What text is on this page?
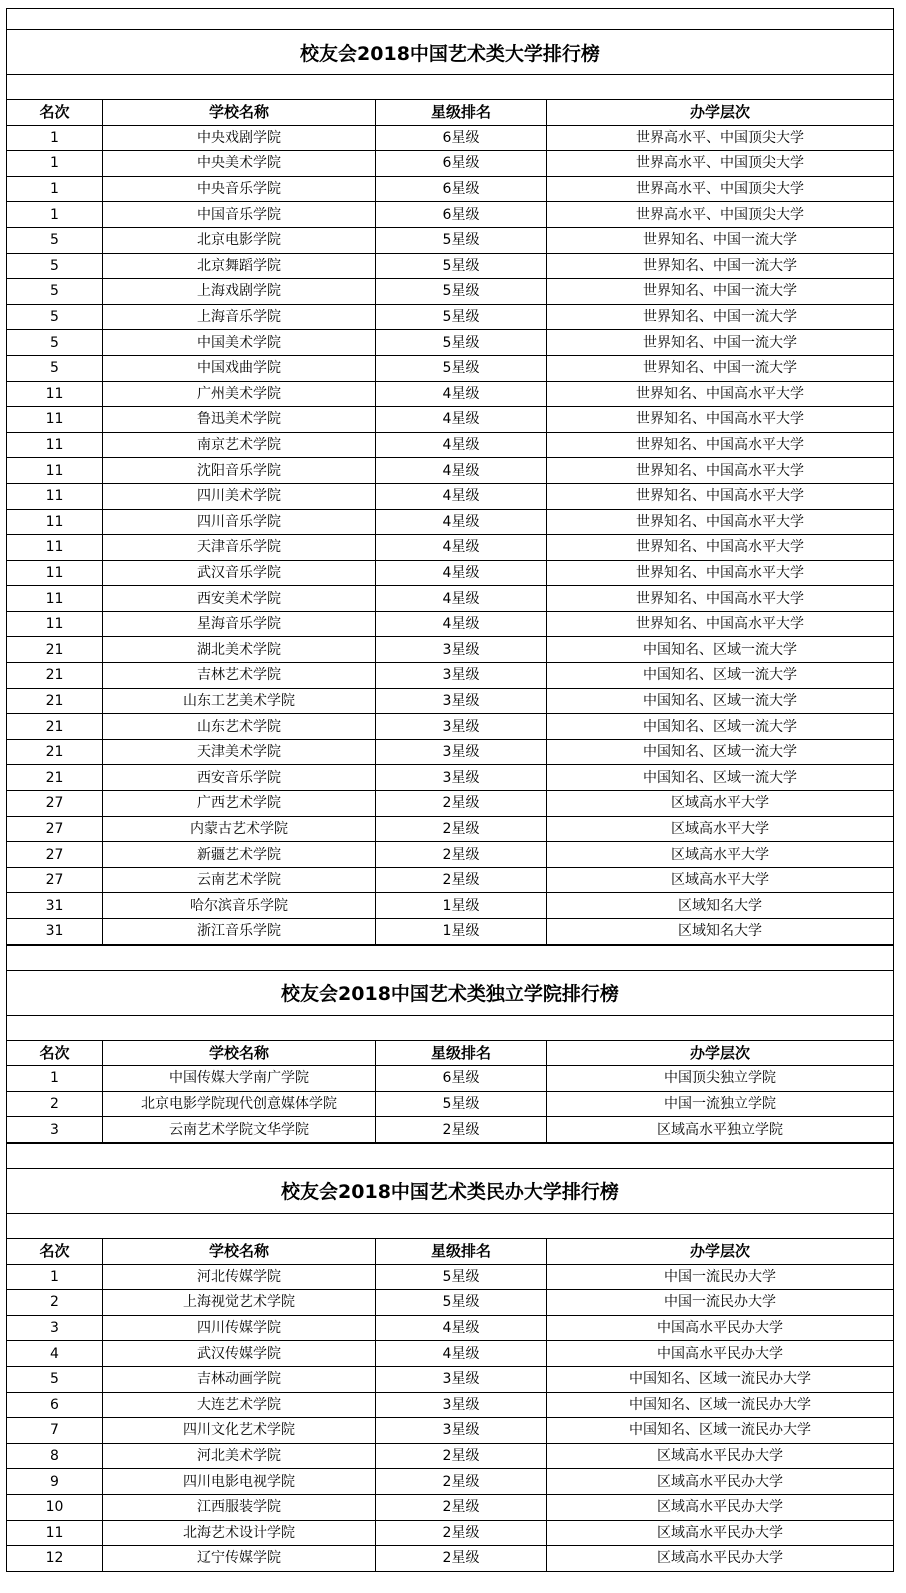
校友会2018中国艺术类大学排行榜
名次	学校名称	星级排名	办学层次
1	中央戏剧学院	6星级	世界高水平、中国顶尖大学
1	中央美术学院	6星级	世界高水平、中国顶尖大学
1	中央音乐学院	6星级	世界高水平、中国顶尖大学
1	中国音乐学院	6星级	世界高水平、中国顶尖大学
5	北京电影学院	5星级	世界知名、中国一流大学
5	北京舞蹈学院	5星级	世界知名、中国一流大学
5	上海戏剧学院	5星级	世界知名、中国一流大学
5	上海音乐学院	5星级	世界知名、中国一流大学
5	中国美术学院	5星级	世界知名、中国一流大学
5	中国戏曲学院	5星级	世界知名、中国一流大学
11	广州美术学院	4星级	世界知名、中国高水平大学
11	鲁迅美术学院	4星级	世界知名、中国高水平大学
11	南京艺术学院	4星级	世界知名、中国高水平大学
11	沈阳音乐学院	4星级	世界知名、中国高水平大学
11	四川美术学院	4星级	世界知名、中国高水平大学
11	四川音乐学院	4星级	世界知名、中国高水平大学
11	天津音乐学院	4星级	世界知名、中国高水平大学
11	武汉音乐学院	4星级	世界知名、中国高水平大学
11	西安美术学院	4星级	世界知名、中国高水平大学
11	星海音乐学院	4星级	世界知名、中国高水平大学
21	湖北美术学院	3星级	中国知名、区域一流大学
21	吉林艺术学院	3星级	中国知名、区域一流大学
21	山东工艺美术学院	3星级	中国知名、区域一流大学
21	山东艺术学院	3星级	中国知名、区域一流大学
21	天津美术学院	3星级	中国知名、区域一流大学
21	西安音乐学院	3星级	中国知名、区域一流大学
27	广西艺术学院	2星级	区域高水平大学
27	内蒙古艺术学院	2星级	区域高水平大学
27	新疆艺术学院	2星级	区域高水平大学
27	云南艺术学院	2星级	区域高水平大学
31	哈尔滨音乐学院	1星级	区域知名大学
31	浙江音乐学院	1星级	区域知名大学
校友会2018中国艺术类独立学院排行榜
名次	学校名称	星级排名	办学层次
1	中国传媒大学南广学院	6星级	中国顶尖独立学院
2	北京电影学院现代创意媒体学院	5星级	中国一流独立学院
3	云南艺术学院文华学院	2星级	区域高水平独立学院
校友会2018中国艺术类民办大学排行榜
名次	学校名称	星级排名	办学层次
1	河北传媒学院	5星级	中国一流民办大学
2	上海视觉艺术学院	5星级	中国一流民办大学
3	四川传媒学院	4星级	中国高水平民办大学
4	武汉传媒学院	4星级	中国高水平民办大学
5	吉林动画学院	3星级	中国知名、区域一流民办大学
6	大连艺术学院	3星级	中国知名、区域一流民办大学
7	四川文化艺术学院	3星级	中国知名、区域一流民办大学
8	河北美术学院	2星级	区域高水平民办大学
9	四川电影电视学院	2星级	区域高水平民办大学
10	江西服装学院	2星级	区域高水平民办大学
11	北海艺术设计学院	2星级	区域高水平民办大学
12	辽宁传媒学院	2星级	区域高水平民办大学
